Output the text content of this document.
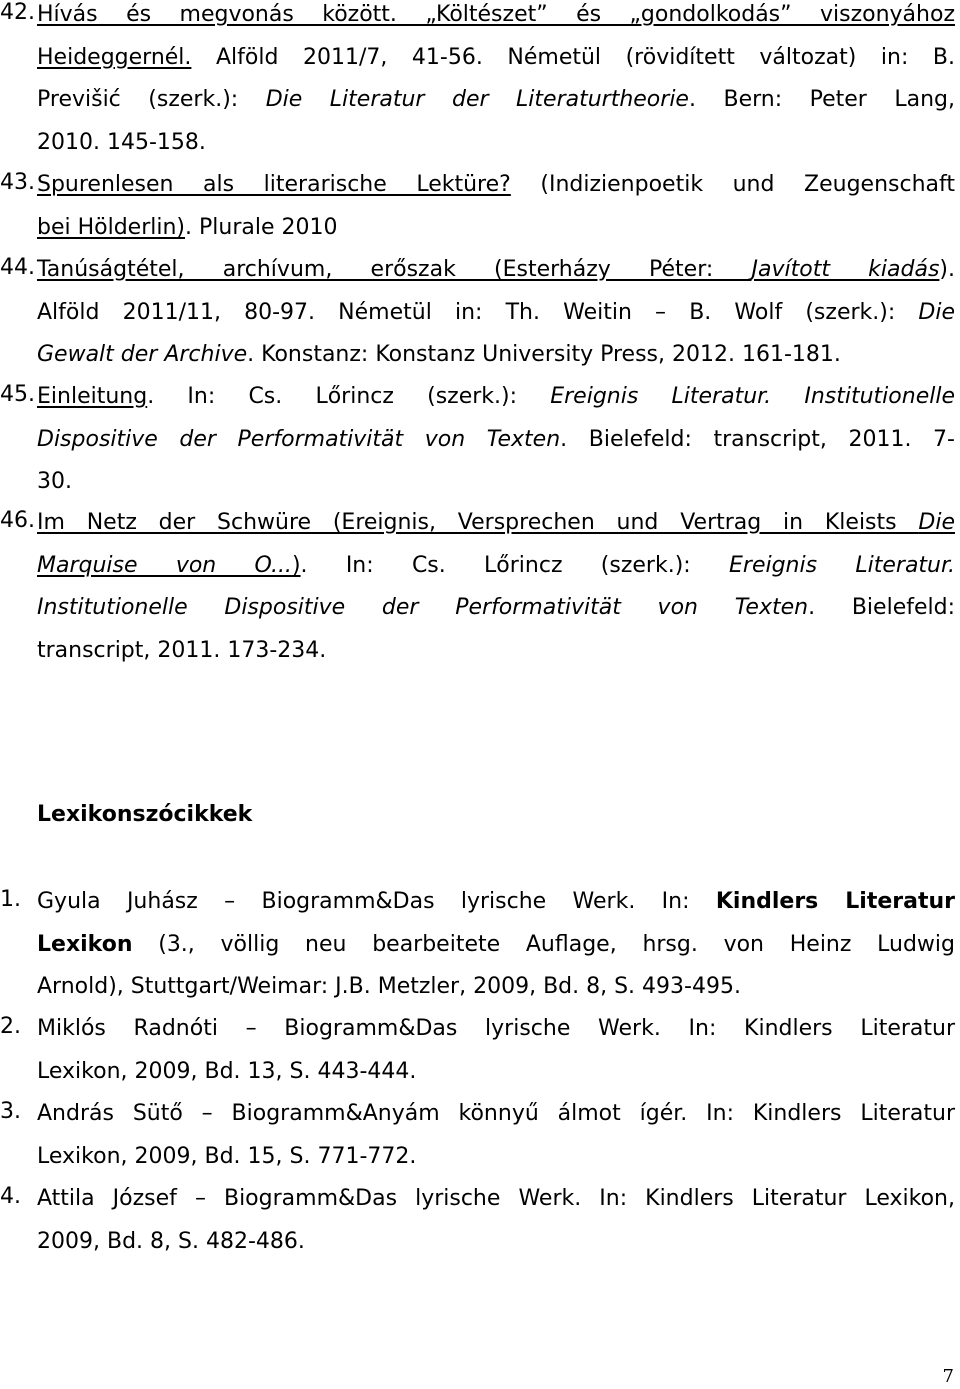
42. Hívás és megvonás között. „Költészet” és „gondolkodás” viszonyához
Heideggernél. Alföld 2011/7, 41-56. Németül (rövidített változat) in: B.
Previšić (szerk.): Die Literatur der Literaturtheorie. Bern: Peter Lang,
2010. 145-158.
43. Spurenlesen als literarische Lektüre? (Indizienpoetik und Zeugenschaft
bei Hölderlin). Plurale 2010
44. Tanúságtétel, archívum, erőszak (Esterházy Péter: Javított kiadás).
Alföld 2011/11, 80-97. Németül in: Th. Weitin – B. Wolf (szerk.): Die
Gewalt der Archive. Konstanz: Konstanz University Press, 2012. 161-181.
45. Einleitung. In: Cs. Lőrincz (szerk.): Ereignis Literatur. Institutionelle
Dispositive der Performativität von Texten. Bielefeld: transcript, 2011. 7-
30.
46. Im Netz der Schwüre (Ereignis, Versprechen und Vertrag in Kleists Die
Marquise von O...). In: Cs. Lőrincz (szerk.): Ereignis Literatur.
Institutionelle Dispositive der Performativität von Texten. Bielefeld:
transcript, 2011. 173-234.
Lexikonszócikkek
1. Gyula Juhász – Biogramm&Das lyrische Werk. In: Kindlers Literatur
Lexikon (3., völlig neu bearbeitete Auflage, hrsg. von Heinz Ludwig
Arnold), Stuttgart/Weimar: J.B. Metzler, 2009, Bd. 8, S. 493-495.
2. Miklós Radnóti – Biogramm&Das lyrische Werk. In: Kindlers Literatur
Lexikon, 2009, Bd. 13, S. 443-444.
3. András Sütő – Biogramm&Anyám könnyű álmot ígér. In: Kindlers Literatur
Lexikon, 2009, Bd. 15, S. 771-772.
4. Attila József – Biogramm&Das lyrische Werk. In: Kindlers Literatur Lexikon,
2009, Bd. 8, S. 482-486.
7
